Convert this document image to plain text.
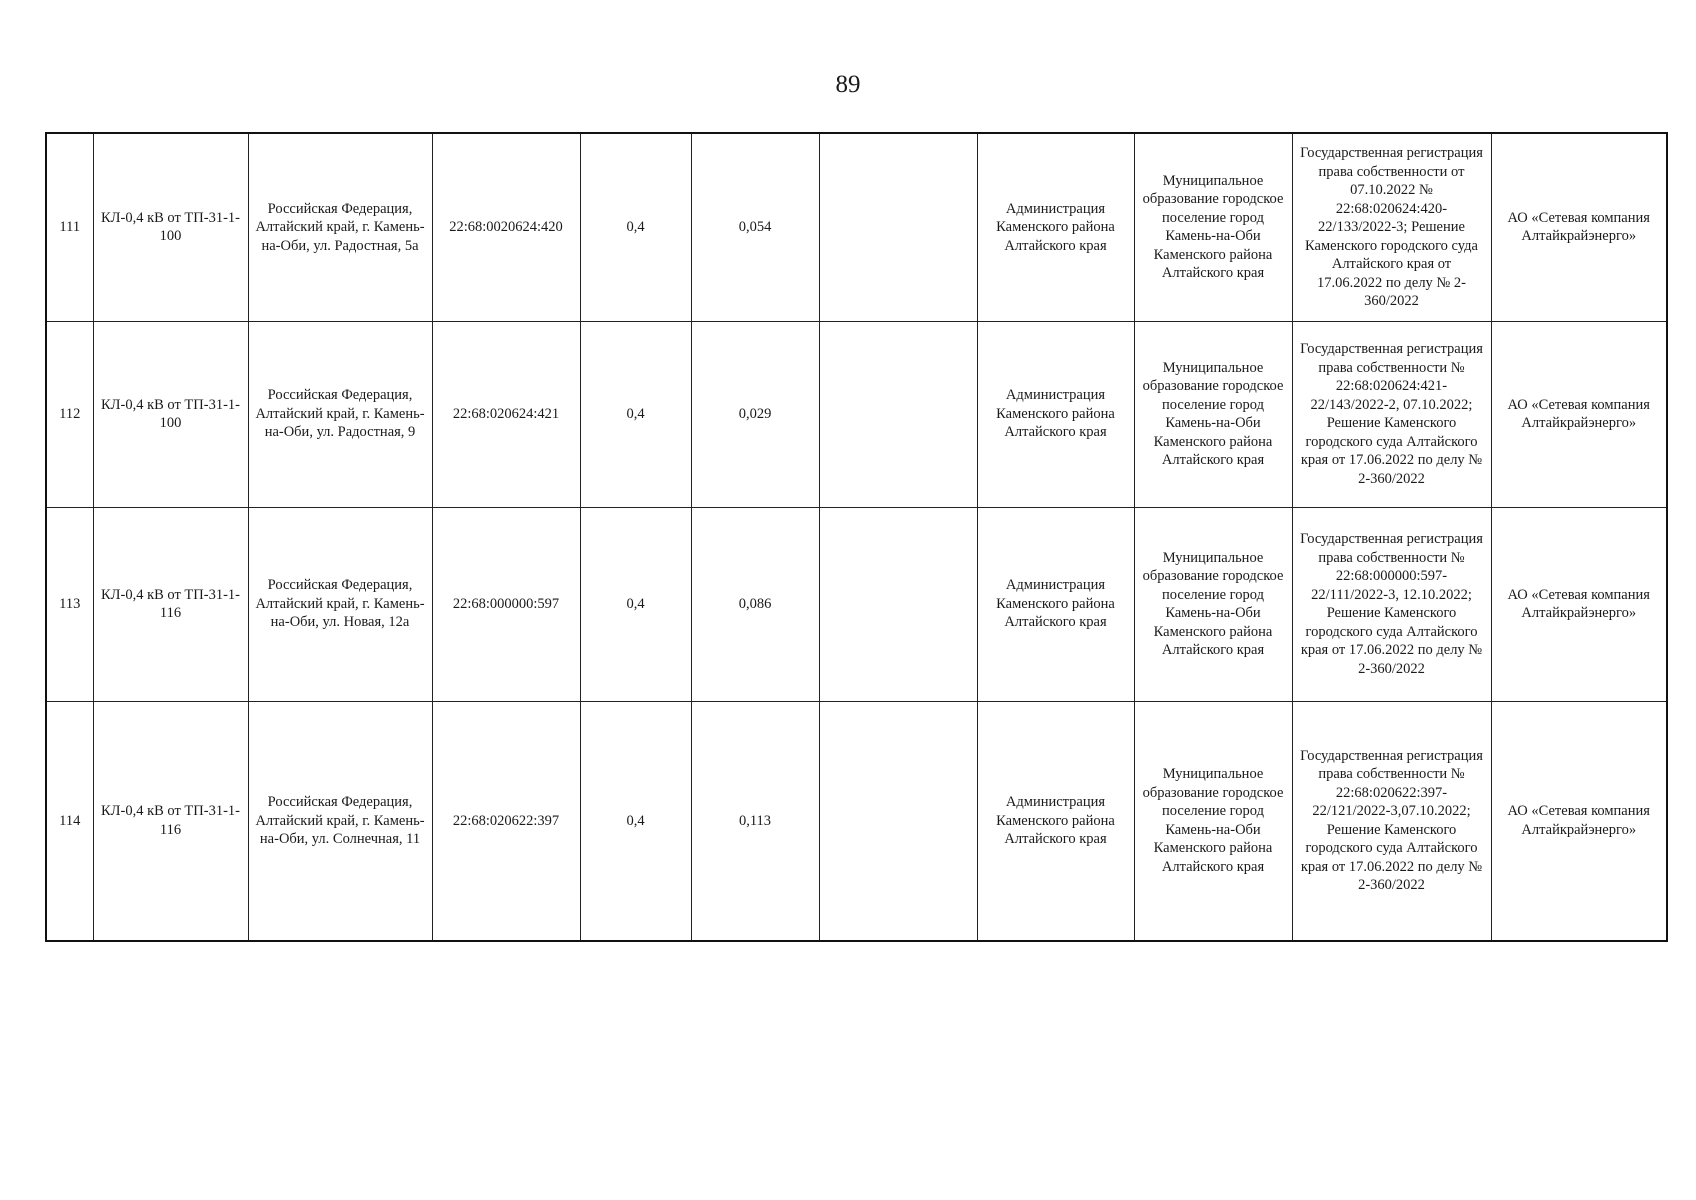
89
111	КЛ-0,4 кВ от ТП-31-1-100	Российская Федерация, Алтайский край, г. Камень-на-Оби, ул. Радостная, 5а	22:68:0020624:420	0,4	0,054		Администрация Каменского района Алтайского края	Муниципальное образование городское поселение город Камень-на-Оби Каменского района Алтайского края	Государственная регистрация права собственности от 07.10.2022 № 22:68:020624:420-22/133/2022-3; Решение Каменского городского суда Алтайского края от 17.06.2022 по делу № 2-360/2022	АО «Сетевая компания Алтайкрайэнерго»
112	КЛ-0,4 кВ от ТП-31-1-100	Российская Федерация, Алтайский край, г. Камень-на-Оби, ул. Радостная, 9	22:68:020624:421	0,4	0,029		Администрация Каменского района Алтайского края	Муниципальное образование городское поселение город Камень-на-Оби Каменского района Алтайского края	Государственная регистрация права собственности № 22:68:020624:421-22/143/2022-2, 07.10.2022; Решение Каменского городского суда Алтайского края от 17.06.2022 по делу № 2-360/2022	АО «Сетевая компания Алтайкрайэнерго»
113	КЛ-0,4 кВ от ТП-31-1-116	Российская Федерация, Алтайский край, г. Камень-на-Оби, ул. Новая, 12а	22:68:000000:597	0,4	0,086		Администрация Каменского района Алтайского края	Муниципальное образование городское поселение город Камень-на-Оби Каменского района Алтайского края	Государственная регистрация права собственности № 22:68:000000:597-22/111/2022-3, 12.10.2022; Решение Каменского городского суда Алтайского края от 17.06.2022 по делу № 2-360/2022	АО «Сетевая компания Алтайкрайэнерго»
114	КЛ-0,4 кВ от ТП-31-1-116	Российская Федерация, Алтайский край, г. Камень-на-Оби, ул. Солнечная, 11	22:68:020622:397	0,4	0,113		Администрация Каменского района Алтайского края	Муниципальное образование городское поселение город Камень-на-Оби Каменского района Алтайского края	Государственная регистрация права собственности № 22:68:020622:397-22/121/2022-3,07.10.2022; Решение Каменского городского суда Алтайского края от 17.06.2022 по делу № 2-360/2022	АО «Сетевая компания Алтайкрайэнерго»
